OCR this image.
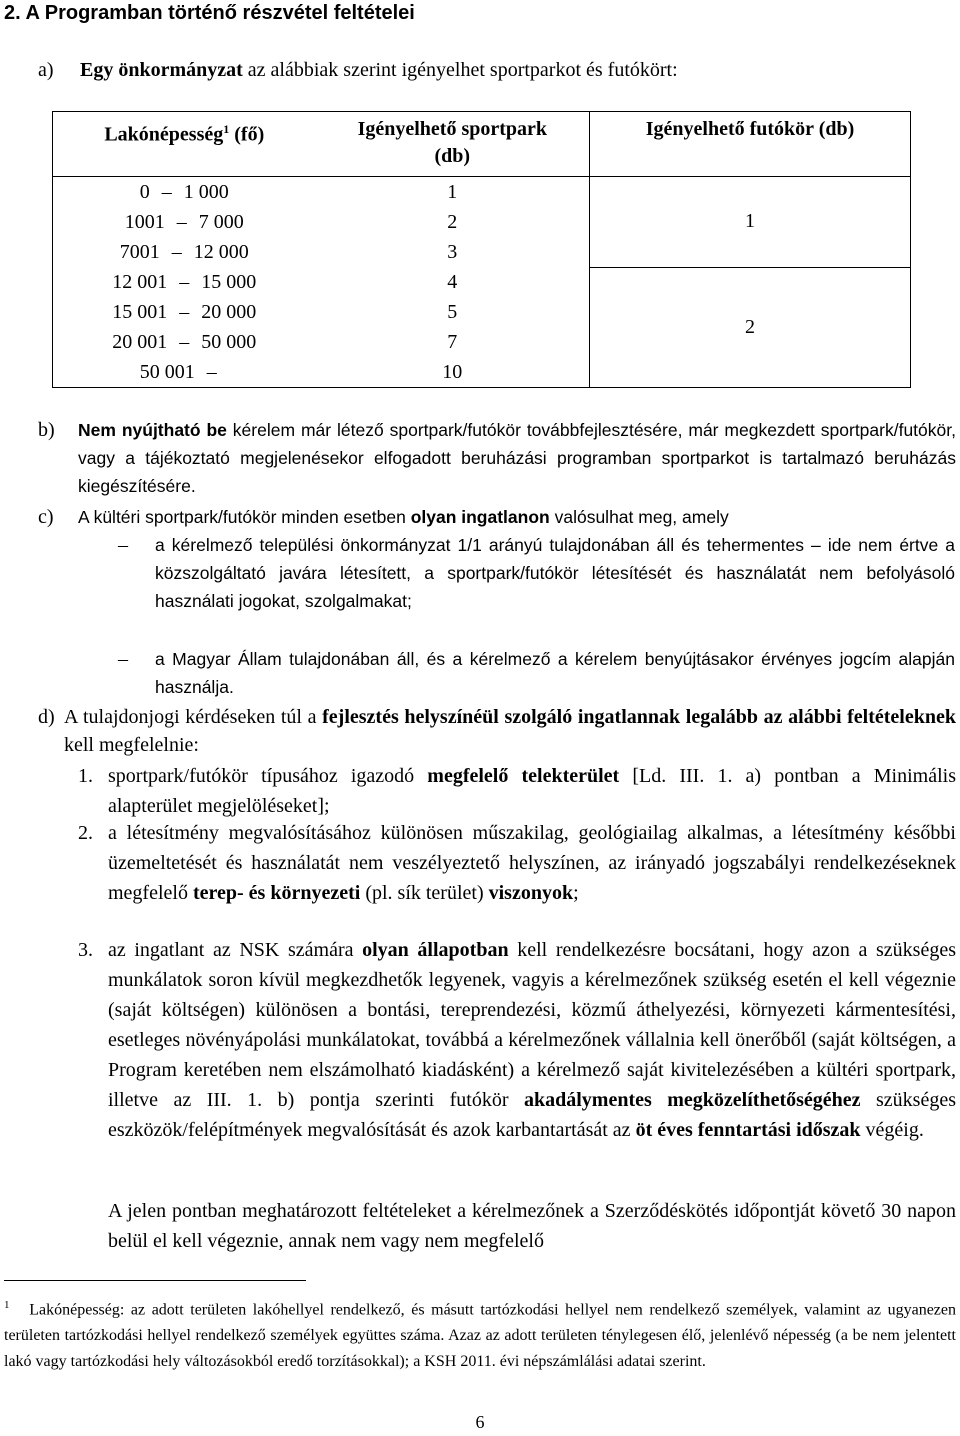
2. A Programban történő részvétel feltételei
a) Egy önkormányzat az alábbiak szerint igényelhet sportparkot és futókört:
Lakónépesség$^1$ (fő)	Igényelhető sportpark (db)	Igényelhető futókör (db)

0 – 1 000	1	1
1001 – 7 000	2	
7001 – 12 000	3	
12 001 – 15 000	4	2
15 001 – 20 000	5	
20 001 – 50 000	7	
50 001 –	10	
b) Nem nyújtható be kérelem már létező sportpark/futókör továbbfejlesztésére, már megkezdett sportpark/futókör, vagy a tájékoztató megjelenésekor elfogadott beruházási programban sportparkot is tartalmazó beruházás kiegészítésére.
c) A kültéri sportpark/futókör minden esetben olyan ingatlanon valósulhat meg, amely
– a kérelmező települési önkormányzat 1/1 arányú tulajdonában áll és tehermentes – ide nem értve a közszolgáltató javára létesített, a sportpark/futókör létesítését és használatát nem befolyásoló használati jogokat, szolgalmakat;
– a Magyar Állam tulajdonában áll, és a kérelmező a kérelem benyújtásakor érvényes jogcím alapján használja.
d) A tulajdonjogi kérdéseken túl a fejlesztés helyszínéül szolgáló ingatlannak legalább az alábbi feltételeknek kell megfelelnie:
1. sportpark/futókör típusához igazodó megfelelő telekterület [Ld. III. 1. a) pontban a Minimális alapterület megjelöléseket];
2. a létesítmény megvalósításához különösen műszakilag, geológiailag alkalmas, a létesítmény későbbi üzemeltetését és használatát nem veszélyeztető helyszínen, az irányadó jogszabályi rendelkezéseknek megfelelő terep- és környezeti (pl. sík terület) viszonyok;
3. az ingatlant az NSK számára olyan állapotban kell rendelkezésre bocsátani, hogy azon a szükséges munkálatok soron kívül megkezdhetők legyenek, vagyis a kérelmezőnek szükség esetén el kell végeznie (saját költségen) különösen a bontási, tereprendezési, közmű áthelyezési, környezeti kármentesítési, esetleges növényápolási munkálatokat, továbbá a kérelmezőnek vállalnia kell önerőből (saját költségen, a Program keretében nem elszámolható kiadásként) a kérelmező saját kivitelezésében a kültéri sportpark, illetve az III. 1. b) pontja szerinti futókör akadálymentes megközelíthetőségéhez szükséges eszközök/felépítmények megvalósítását és azok karbantartását az öt éves fenntartási időszak végéig.
A jelen pontban meghatározott feltételeket a kérelmezőnek a Szerződéskötés időpontját követő 30 napon belül el kell végeznie, annak nem vagy nem megfelelő
$^1$ Lakónépesség: az adott területen lakóhellyel rendelkező, és másutt tartózkodási hellyel nem rendelkező személyek, valamint az ugyanezen területen tartózkodási hellyel rendelkező személyek együttes száma. Azaz az adott területen ténylegesen élő, jelenlévő népesség (a be nem jelentett lakó vagy tartózkodási hely változásokból eredő torzításokkal); a KSH 2011. évi népszámlálási adatai szerint.
6
